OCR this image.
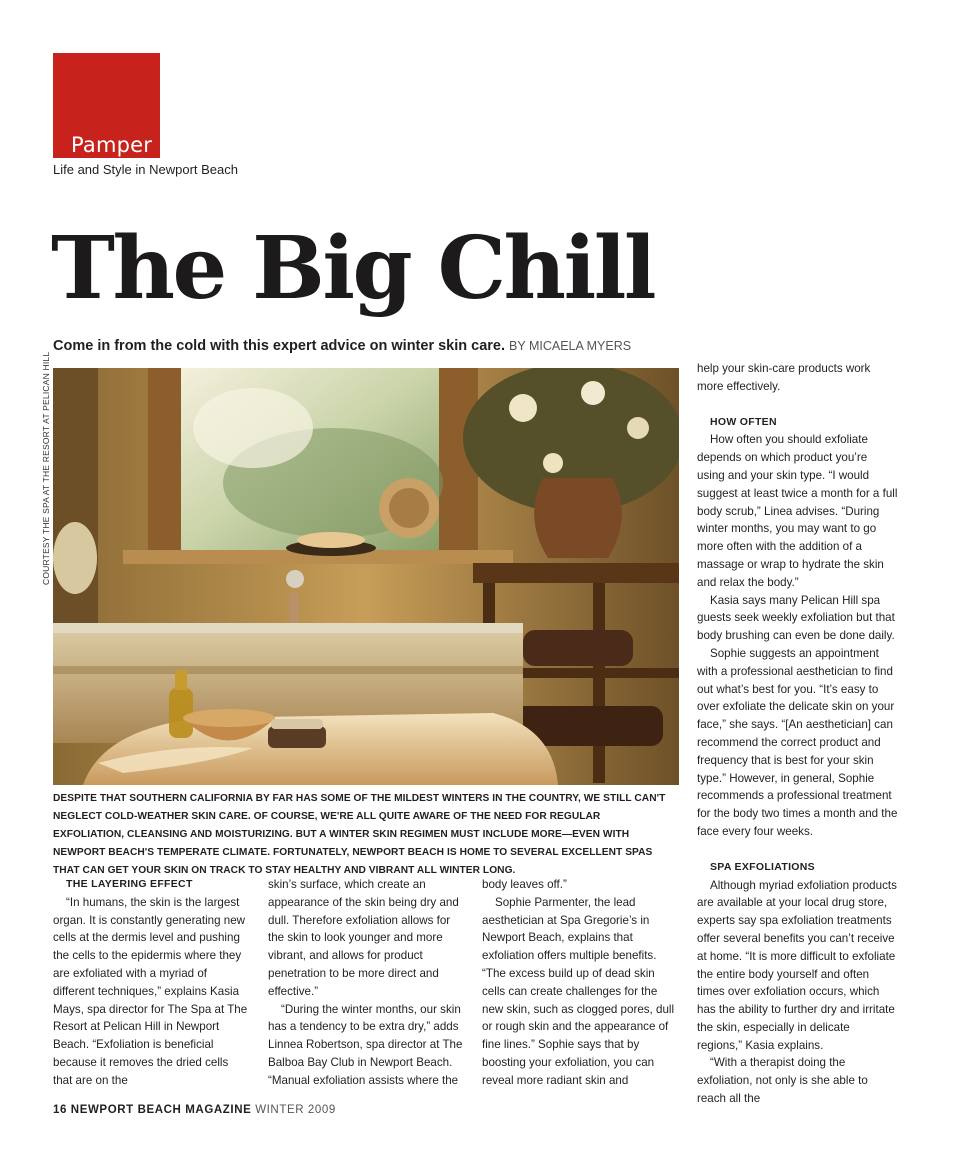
Pamper
Life and Style in Newport Beach
The Big Chill
Come in from the cold with this expert advice on winter skin care. BY MICAELA MYERS
COURTESY THE SPA AT THE RESORT AT PELICAN HILL
DESPITE THAT SOUTHERN CALIFORNIA BY FAR HAS SOME OF THE MILDEST WINTERS IN THE COUNTRY, WE STILL CAN'T NEGLECT COLD-WEATHER SKIN CARE. OF COURSE, WE'RE ALL QUITE AWARE OF THE NEED FOR REGULAR EXFOLIATION, CLEANSING AND MOISTURIZING. BUT A WINTER SKIN REGIMEN MUST INCLUDE MORE—EVEN WITH NEWPORT BEACH'S TEMPERATE CLIMATE. FORTUNATELY, NEWPORT BEACH IS HOME TO SEVERAL EXCELLENT SPAS THAT CAN GET YOUR SKIN ON TRACK TO STAY HEALTHY AND VIBRANT ALL WINTER LONG.
THE LAYERING EFFECT

“In humans, the skin is the largest organ. It is constantly generating new cells at the dermis level and pushing the cells to the epidermis where they are exfoliated with a myriad of different techniques,” explains Kasia Mays, spa director for The Spa at The Resort at Pelican Hill in Newport Beach. “Exfoliation is beneficial because it removes the dried cells that are on the

skin’s surface, which create an appearance of the skin being dry and dull. Therefore exfoliation allows for the skin to look younger and more vibrant, and allows for product penetration to be more direct and effective.”

“During the winter months, our skin has a tendency to be extra dry,” adds Linnea Robertson, spa director at The Balboa Bay Club in Newport Beach. “Manual exfoliation assists where the

body leaves off.”

Sophie Parmenter, the lead aesthetician at Spa Gregorie’s in Newport Beach, explains that exfoliation offers multiple benefits. “The excess build up of dead skin cells can create challenges for the new skin, such as clogged pores, dull or rough skin and the appearance of fine lines.” Sophie says that by boosting your exfoliation, you can reveal more radiant skin and

help your skin-care products work more effectively.

HOW OFTEN

How often you should exfoliate depends on which product you’re using and your skin type. “I would suggest at least twice a month for a full body scrub,” Linea advises. “During winter months, you may want to go more often with the addition of a massage or wrap to hydrate the skin and relax the body.”

Kasia says many Pelican Hill spa guests seek weekly exfoliation but that body brushing can even be done daily.

Sophie suggests an appointment with a professional aesthetician to find out what’s best for you. “It’s easy to over exfoliate the delicate skin on your face,” she says. “[An aesthetician] can recommend the correct product and frequency that is best for your skin type.” However, in general, Sophie recommends a professional treatment for the body two times a month and the face every four weeks.

SPA EXFOLIATIONS

Although myriad exfoliation products are available at your local drug store, experts say spa exfoliation treatments offer several benefits you can’t receive at home. “It is more difficult to exfoliate the entire body yourself and often times over exfoliation occurs, which has the ability to further dry and irritate the skin, especially in delicate regions,” Kasia explains.

“With a therapist doing the exfoliation, not only is she able to reach all the

16 NEWPORT BEACH MAGAZINE WINTER 2009
